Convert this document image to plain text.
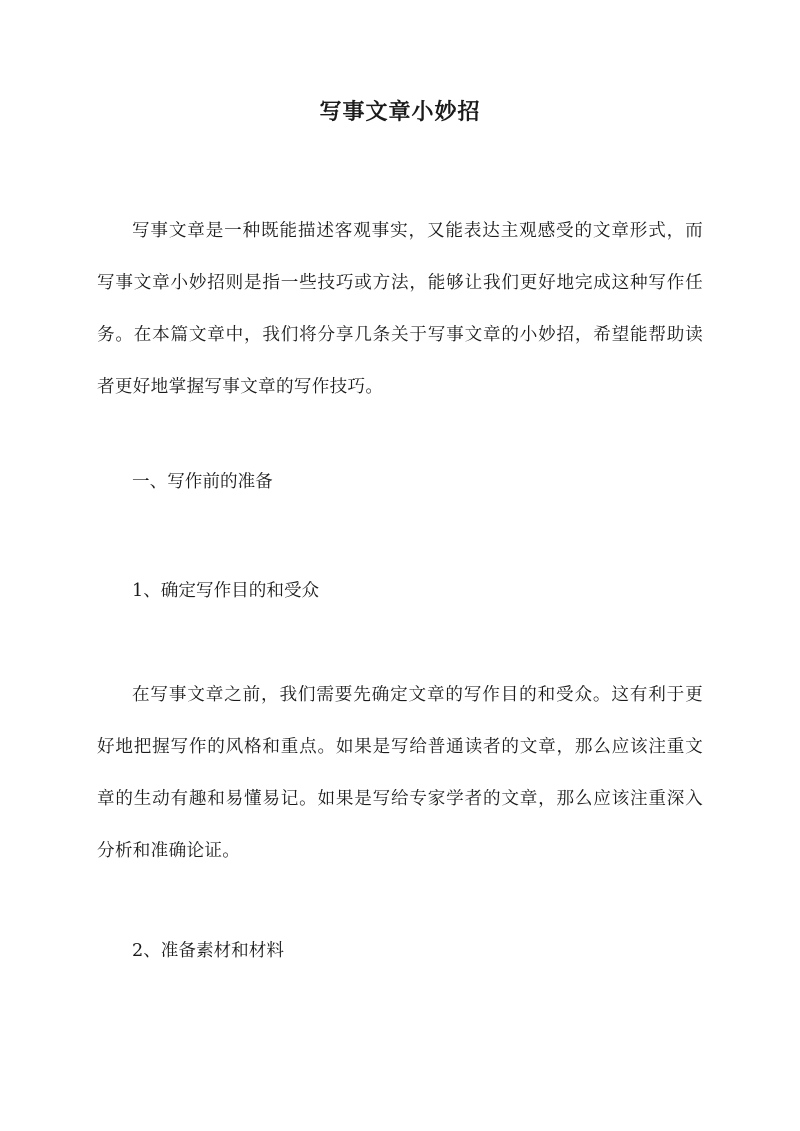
写事文章小妙招

写事文章是一种既能描述客观事实，又能表达主观感受的文章形式，而写事文章小妙招则是指一些技巧或方法，能够让我们更好地完成这种写作任务。在本篇文章中，我们将分享几条关于写事文章的小妙招，希望能帮助读者更好地掌握写事文章的写作技巧。

一、写作前的准备
1、确定写作目的和受众

在写事文章之前，我们需要先确定文章的写作目的和受众。这有利于更好地把握写作的风格和重点。如果是写给普通读者的文章，那么应该注重文章的生动有趣和易懂易记。如果是写给专家学者的文章，那么应该注重深入分析和准确论证。

2、准备素材和材料
